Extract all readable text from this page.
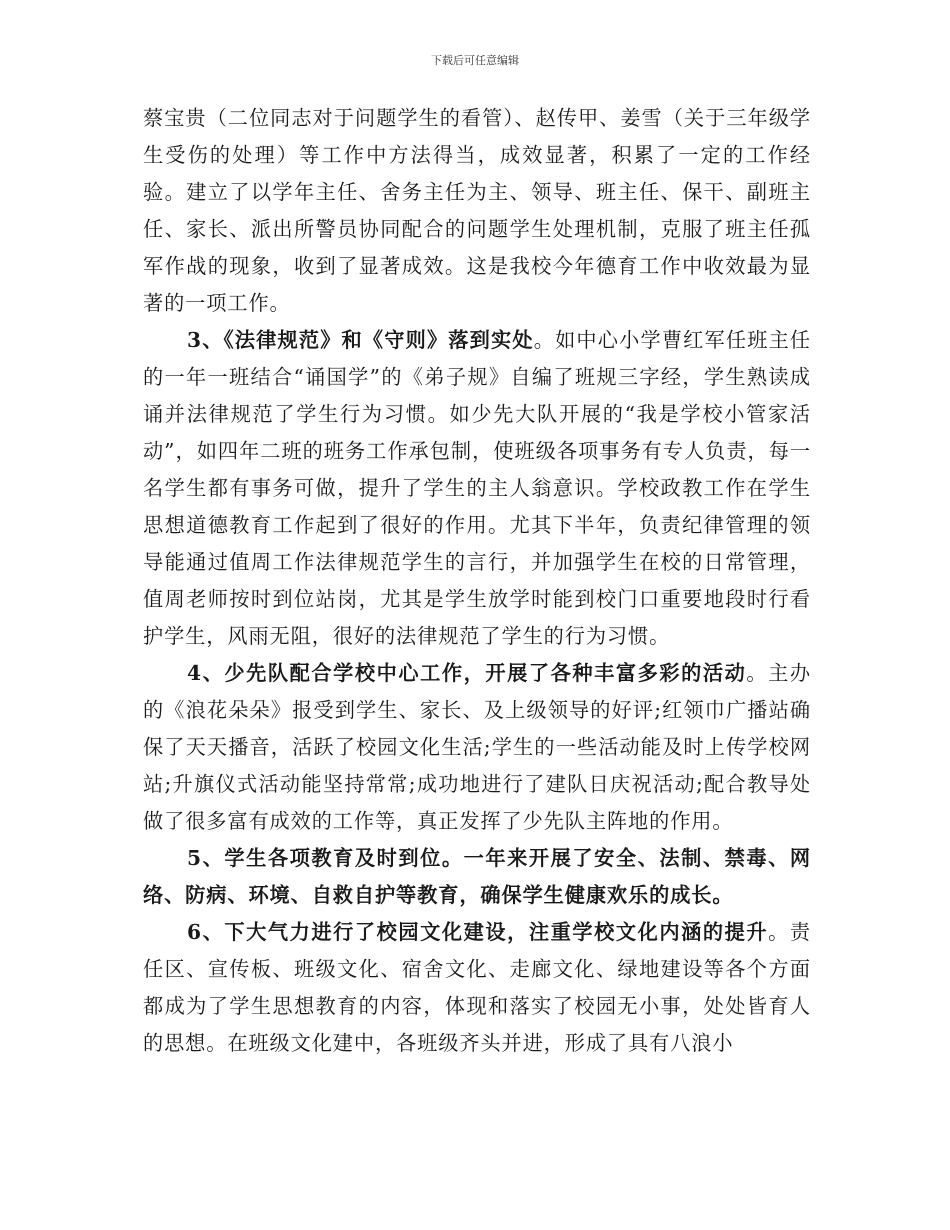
下载后可任意编辑

蔡宝贵（二位同志对于问题学生的看管）、赵传甲、姜雪（关于三年级学生受伤的处理）等工作中方法得当，成效显著，积累了一定的工作经验。建立了以学年主任、舍务主任为主、领导、班主任、保干、副班主任、家长、派出所警员协同配合的问题学生处理机制，克服了班主任孤军作战的现象，收到了显著成效。这是我校今年德育工作中收效最为显著的一项工作。

3、《法律规范》和《守则》落到实处。如中心小学曹红军任班主任的一年一班结合“诵国学”的《弟子规》自编了班规三字经，学生熟读成诵并法律规范了学生行为习惯。如少先大队开展的“我是学校小管家活动”，如四年二班的班务工作承包制，使班级各项事务有专人负责，每一名学生都有事务可做，提升了学生的主人翁意识。学校政教工作在学生思想道德教育工作起到了很好的作用。尤其下半年，负责纪律管理的领导能通过值周工作法律规范学生的言行，并加强学生在校的日常管理，值周老师按时到位站岗，尤其是学生放学时能到校门口重要地段时行看护学生，风雨无阻，很好的法律规范了学生的行为习惯。

4、少先队配合学校中心工作，开展了各种丰富多彩的活动。主办的《浪花朵朵》报受到学生、家长、及上级领导的好评;红领巾广播站确保了天天播音，活跃了校园文化生活;学生的一些活动能及时上传学校网站;升旗仪式活动能坚持常常;成功地进行了建队日庆祝活动;配合教导处做了很多富有成效的工作等，真正发挥了少先队主阵地的作用。

5、学生各项教育及时到位。一年来开展了安全、法制、禁毒、网络、防病、环境、自救自护等教育，确保学生健康欢乐的成长。

6、下大气力进行了校园文化建设，注重学校文化内涵的提升。责任区、宣传板、班级文化、宿舍文化、走廊文化、绿地建设等各个方面都成为了学生思想教育的内容，体现和落实了校园无小事，处处皆育人的思想。在班级文化建中，各班级齐头并进，形成了具有八浪小
